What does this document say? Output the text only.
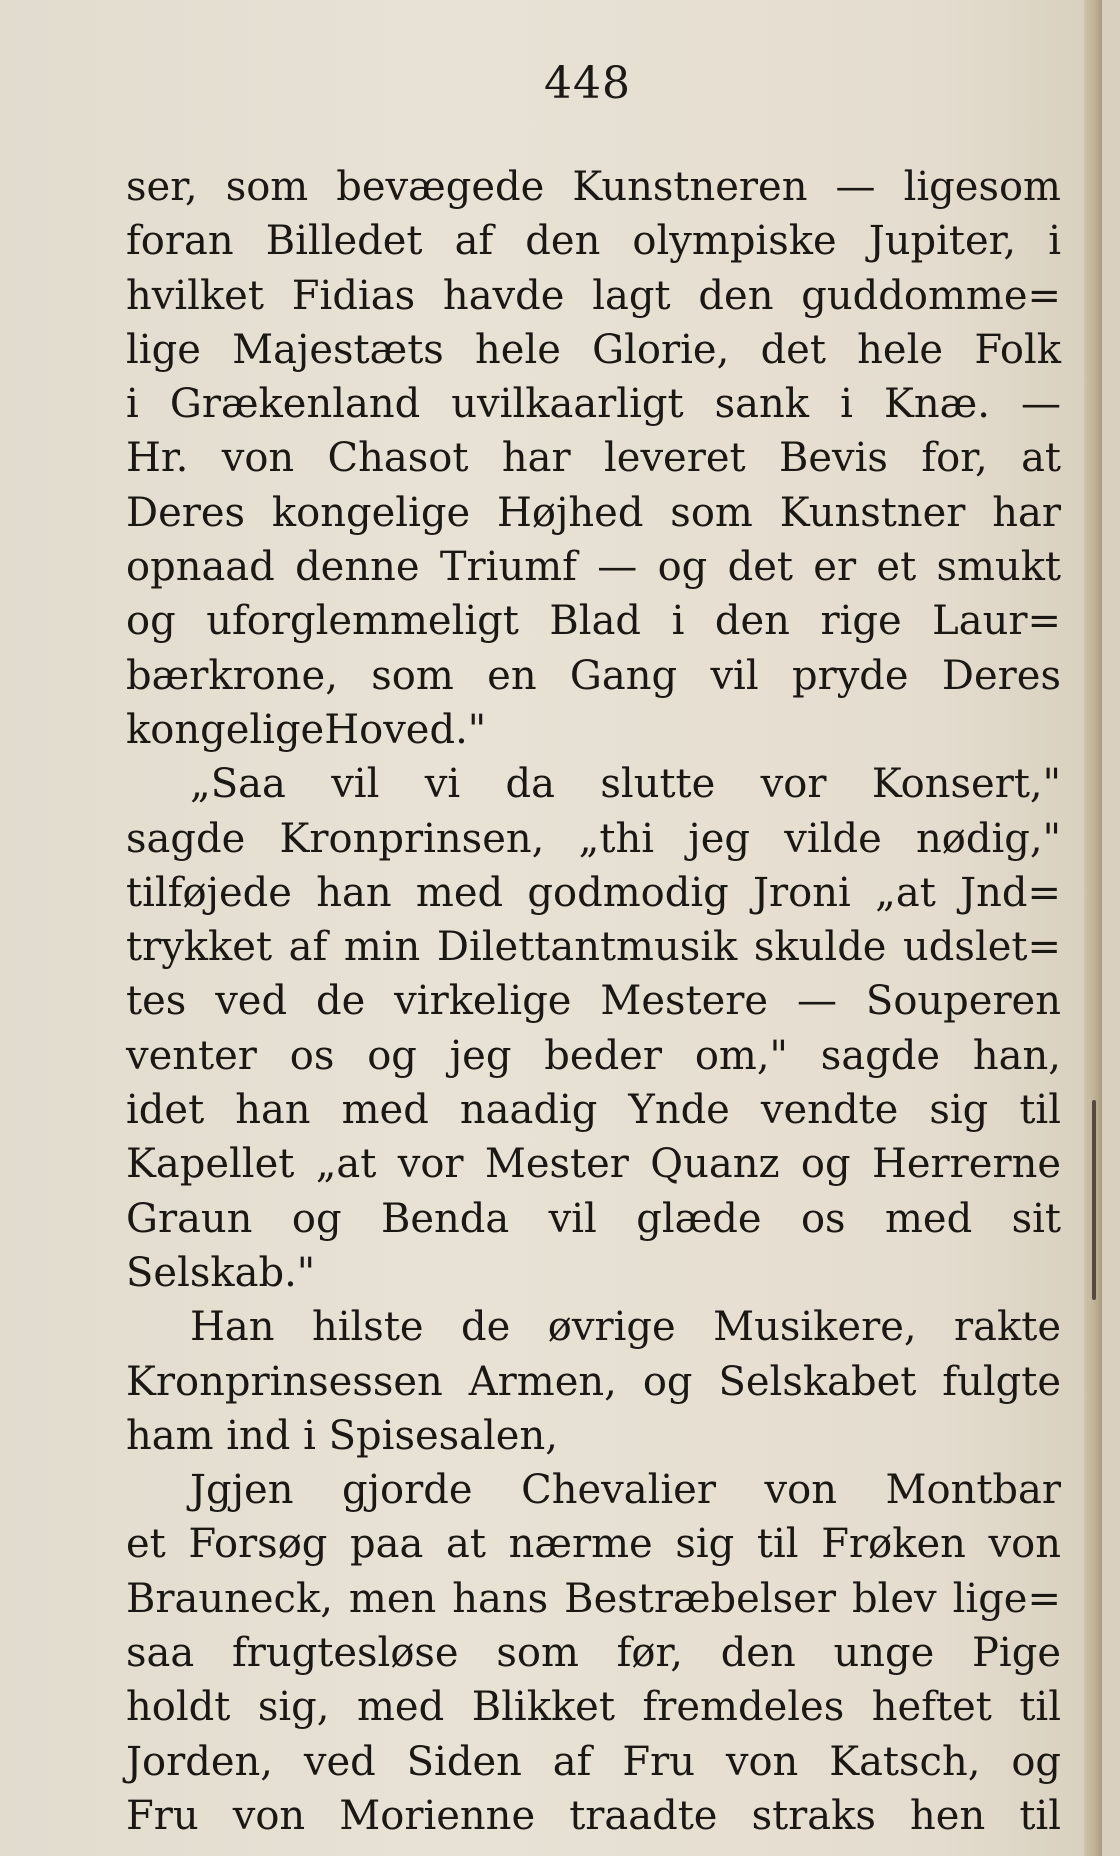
448
ser, som bevægede Kunstneren — ligesom
foran Billedet af den olympiske Jupiter, i
hvilket Fidias havde lagt den guddomme=
lige Majestæts hele Glorie, det hele Folk
i Grækenland uvilkaarligt sank i Knæ. —
Hr. von Chasot har leveret Bevis for, at
Deres kongelige Højhed som Kunstner har
opnaad denne Triumf — og det er et smukt
og uforglemmeligt Blad i den rige Laur=
bærkrone, som en Gang vil pryde Deres
kongeligeHoved."
„Saa vil vi da slutte vor Konsert,"
sagde Kronprinsen, „thi jeg vilde nødig,"
tilføjede han med godmodig Jroni „at Jnd=
trykket af min Dilettantmusik skulde udslet=
tes ved de virkelige Mestere — Souperen
venter os og jeg beder om," sagde han,
idet han med naadig Ynde vendte sig til
Kapellet „at vor Mester Quanz og Herrerne
Graun og Benda vil glæde os med sit
Selskab."
Han hilste de øvrige Musikere, rakte
Kronprinsessen Armen, og Selskabet fulgte
ham ind i Spisesalen,
Jgjen gjorde Chevalier von Montbar
et Forsøg paa at nærme sig til Frøken von
Brauneck, men hans Bestræbelser blev lige=
saa frugtesløse som før, den unge Pige
holdt sig, med Blikket fremdeles heftet til
Jorden, ved Siden af Fru von Katsch, og
Fru von Morienne traadte straks hen til
